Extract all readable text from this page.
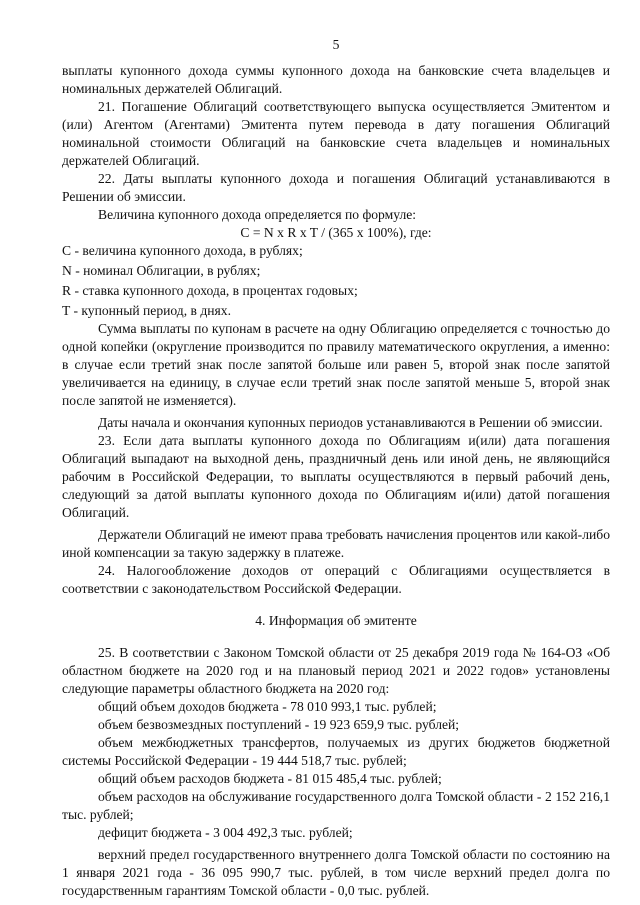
5

выплаты купонного дохода суммы купонного дохода на банковские счета владельцев и номинальных держателей Облигаций.

21. Погашение Облигаций соответствующего выпуска осуществляется Эмитентом и (или) Агентом (Агентами) Эмитента путем перевода в дату погашения Облигаций номинальной стоимости Облигаций на банковские счета владельцев и номинальных держателей Облигаций.

22. Даты выплаты купонного дохода и погашения Облигаций устанавливаются в Решении об эмиссии.

Величина купонного дохода определяется по формуле:

C = N x R x T / (365 x 100%), где:

C - величина купонного дохода, в рублях;

N - номинал Облигации, в рублях;

R - ставка купонного дохода, в процентах годовых;

T - купонный период, в днях.

Сумма выплаты по купонам в расчете на одну Облигацию определяется с точностью до одной копейки (округление производится по правилу математического округления, а именно: в случае если третий знак после запятой больше или равен 5, второй знак после запятой увеличивается на единицу, в случае если третий знак после запятой меньше 5, второй знак после запятой не изменяется).

Даты начала и окончания купонных периодов устанавливаются в Решении об эмиссии.

23. Если дата выплаты купонного дохода по Облигациям и(или) дата погашения Облигаций выпадают на выходной день, праздничный день или иной день, не являющийся рабочим в Российской Федерации, то выплаты осуществляются в первый рабочий день, следующий за датой выплаты купонного дохода по Облигациям и(или) датой погашения Облигаций.

Держатели Облигаций не имеют права требовать начисления процентов или какой-либо иной компенсации за такую задержку в платеже.

24. Налогообложение доходов от операций с Облигациями осуществляется в соответствии с законодательством Российской Федерации.

4. Информация об эмитенте

25. В соответствии с Законом Томской области от 25 декабря 2019 года № 164-ОЗ «Об областном бюджете на 2020 год и на плановый период 2021 и 2022 годов» установлены следующие параметры областного бюджета на 2020 год:

общий объем доходов бюджета - 78 010 993,1 тыс. рублей;

объем безвозмездных поступлений - 19 923 659,9 тыс. рублей;

объем межбюджетных трансфертов, получаемых из других бюджетов бюджетной системы Российской Федерации - 19 444 518,7 тыс. рублей;

общий объем расходов бюджета - 81 015 485,4 тыс. рублей;

объем расходов на обслуживание государственного долга Томской области - 2 152 216,1 тыс. рублей;

дефицит бюджета - 3 004 492,3 тыс. рублей;

верхний предел государственного внутреннего долга Томской области по состоянию на 1 января 2021 года - 36 095 990,7 тыс. рублей, в том числе верхний предел долга по государственным гарантиям Томской области - 0,0 тыс. рублей.
